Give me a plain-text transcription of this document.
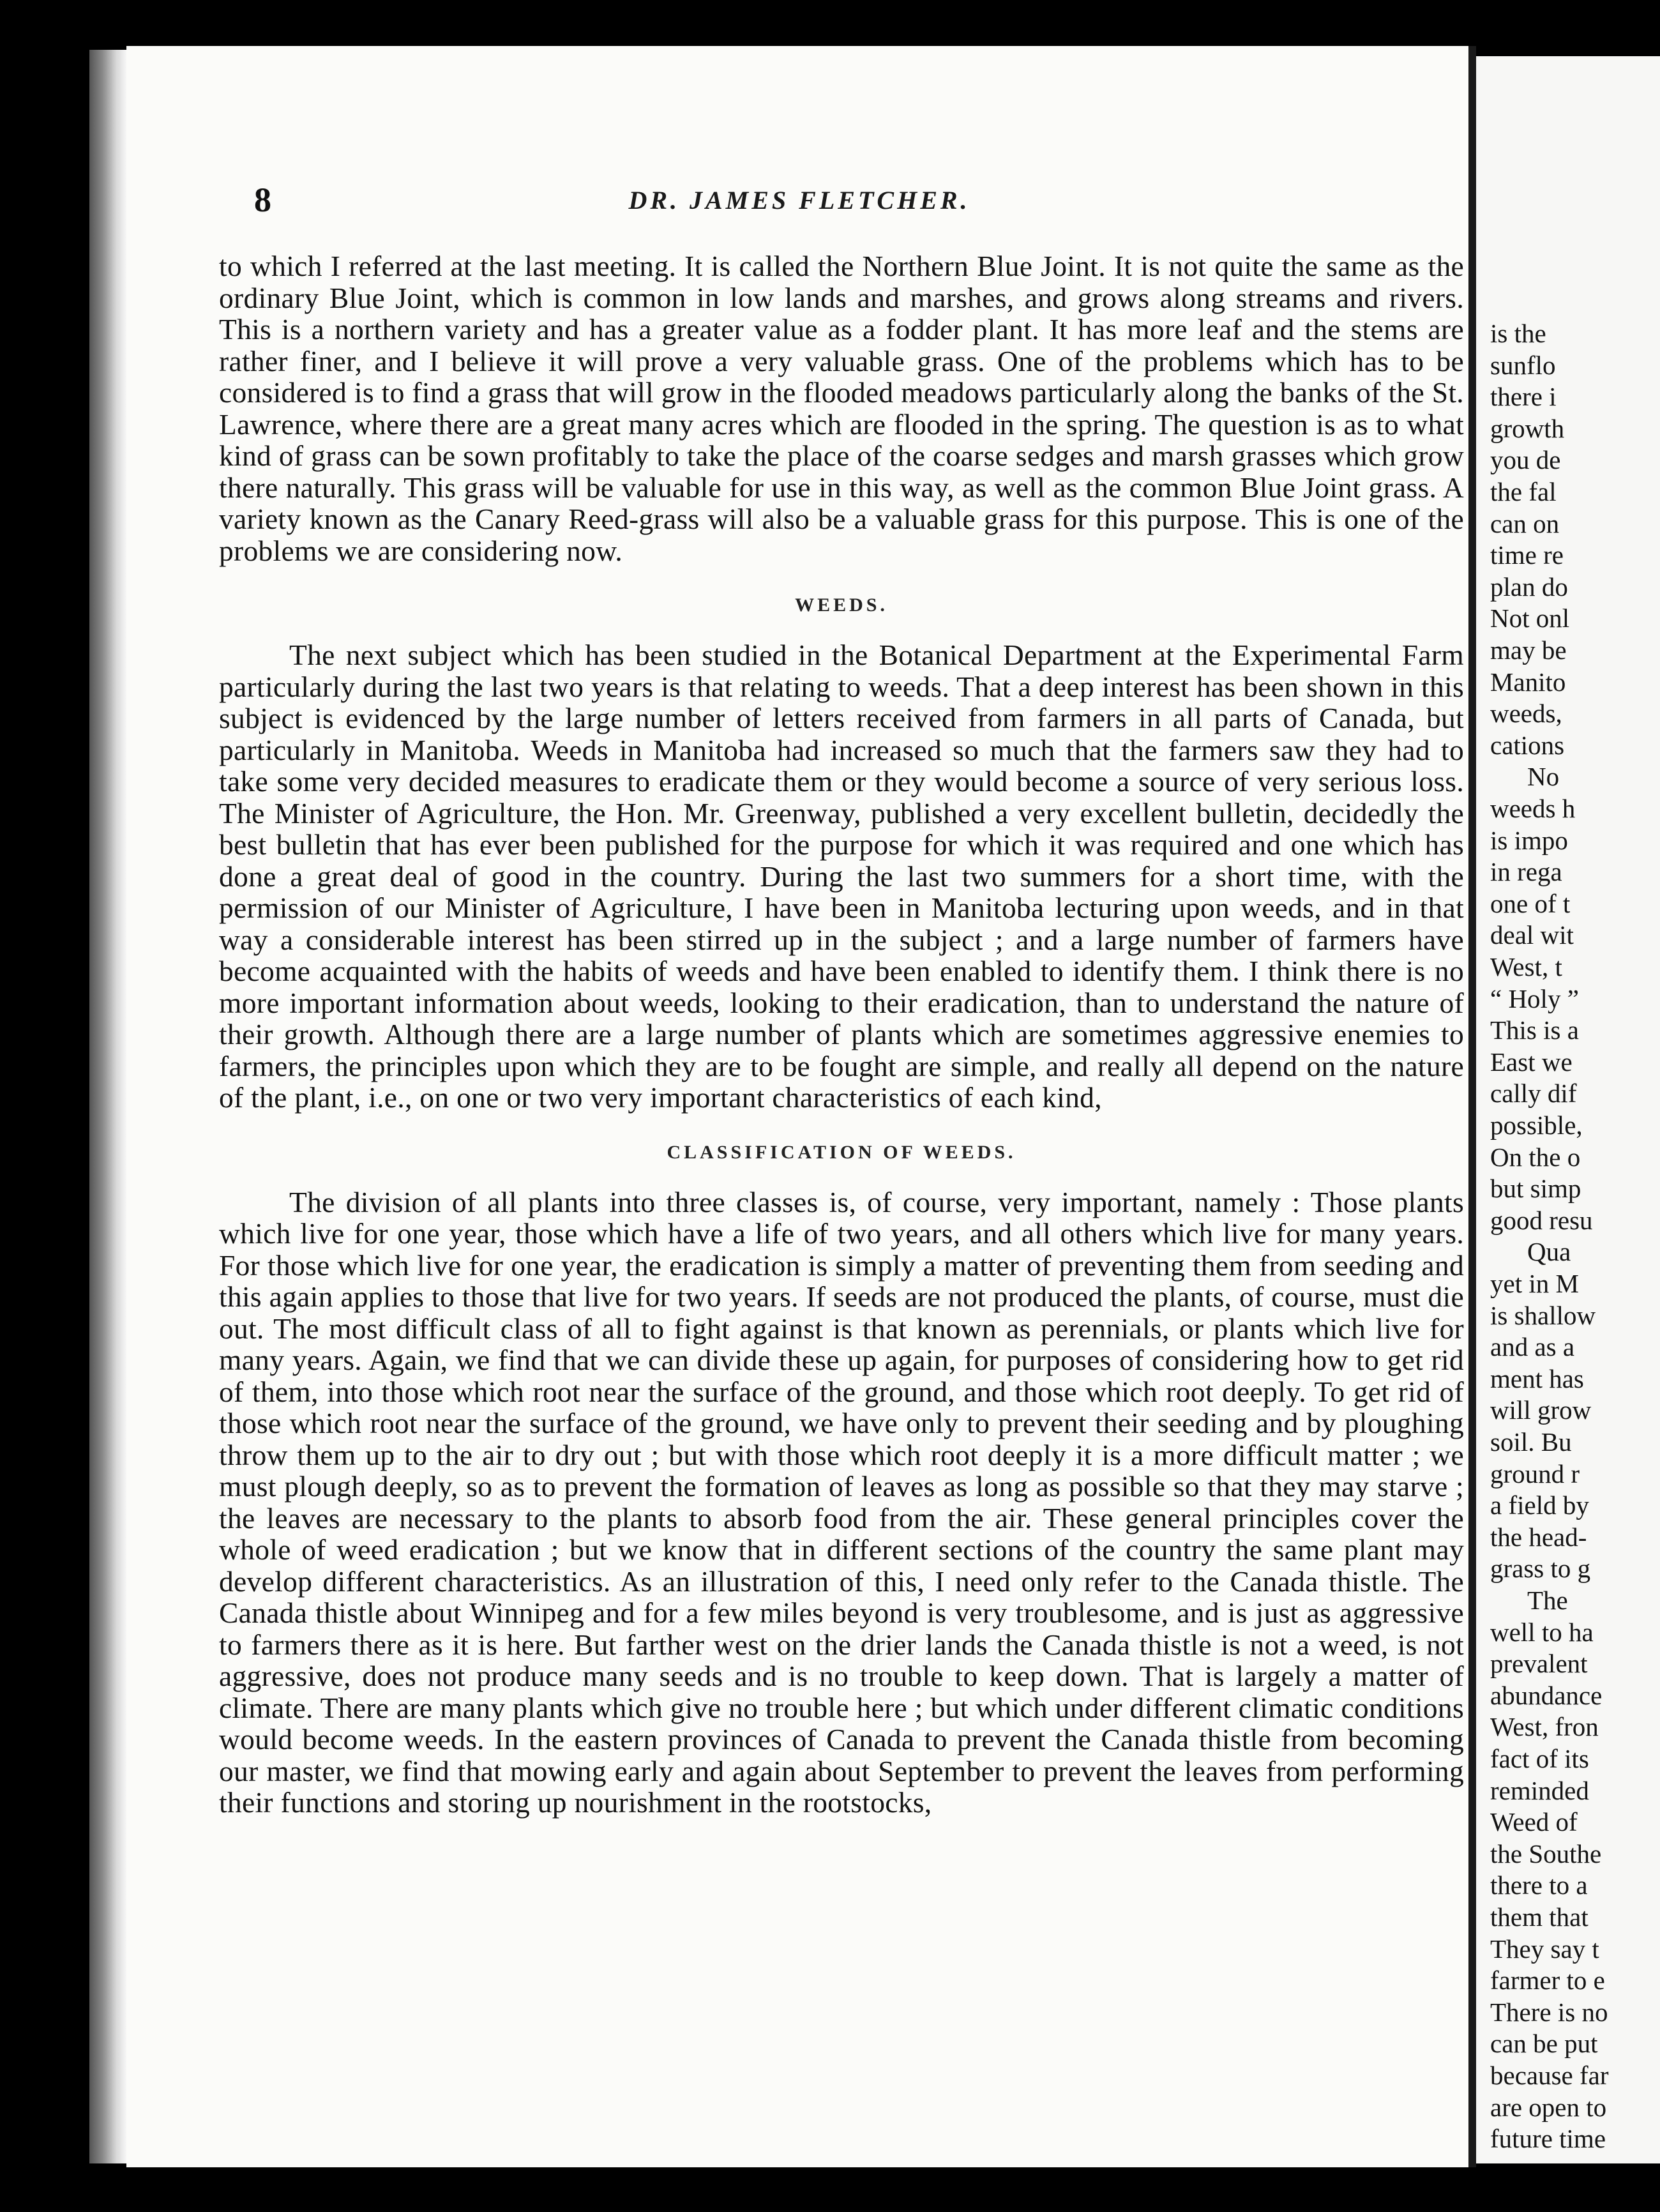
8	DR. JAMES FLETCHER.

to which I referred at the last meeting. It is called the Northern Blue Joint. It is not quite the same as the ordinary Blue Joint, which is common in low lands and marshes, and grows along streams and rivers. This is a northern variety and has a greater value as a fodder plant. It has more leaf and the stems are rather finer, and I believe it will prove a very valuable grass. One of the problems which has to be considered is to find a grass that will grow in the flooded meadows particularly along the banks of the St. Lawrence, where there are a great many acres which are flooded in the spring. The question is as to what kind of grass can be sown profitably to take the place of the coarse sedges and marsh grasses which grow there naturally. This grass will be valuable for use in this way, as well as the common Blue Joint grass. A variety known as the Canary Reed-grass will also be a valuable grass for this purpose. This is one of the problems we are considering now.

WEEDS.

The next subject which has been studied in the Botanical Department at the Experimental Farm particularly during the last two years is that relating to weeds. That a deep interest has been shown in this subject is evidenced by the large number of letters received from farmers in all parts of Canada, but particularly in Manitoba. Weeds in Manitoba had increased so much that the farmers saw they had to take some very decided measures to eradicate them or they would become a source of very serious loss. The Minister of Agriculture, the Hon. Mr. Greenway, published a very excellent bulletin, decidedly the best bulletin that has ever been published for the purpose for which it was required and one which has done a great deal of good in the country. During the last two summers for a short time, with the permission of our Minister of Agriculture, I have been in Manitoba lecturing upon weeds, and in that way a considerable interest has been stirred up in the subject ; and a large number of farmers have become acquainted with the habits of weeds and have been enabled to identify them. I think there is no more important information about weeds, looking to their eradication, than to understand the nature of their growth. Although there are a large number of plants which are sometimes aggressive enemies to farmers, the principles upon which they are to be fought are simple, and really all depend on the nature of the plant, i.e., on one or two very important characteristics of each kind,

CLASSIFICATION OF WEEDS.

The division of all plants into three classes is, of course, very important, namely : Those plants which live for one year, those which have a life of two years, and all others which live for many years. For those which live for one year, the eradication is simply a matter of preventing them from seeding and this again applies to those that live for two years. If seeds are not produced the plants, of course, must die out. The most difficult class of all to fight against is that known as perennials, or plants which live for many years. Again, we find that we can divide these up again, for purposes of considering how to get rid of them, into those which root near the surface of the ground, and those which root deeply. To get rid of those which root near the surface of the ground, we have only to prevent their seeding and by ploughing throw them up to the air to dry out ; but with those which root deeply it is a more difficult matter ; we must plough deeply, so as to prevent the formation of leaves as long as possible so that they may starve ; the leaves are necessary to the plants to absorb food from the air. These general principles cover the whole of weed eradication ; but we know that in different sections of the country the same plant may develop different characteristics. As an illustration of this, I need only refer to the Canada thistle. The Canada thistle about Winnipeg and for a few miles beyond is very troublesome, and is just as aggressive to farmers there as it is here. But farther west on the drier lands the Canada thistle is not a weed, is not aggressive, does not produce many seeds and is no trouble to keep down. That is largely a matter of climate. There are many plants which give no trouble here ; but which under different climatic conditions would become weeds. In the eastern provinces of Canada to prevent the Canada thistle from becoming our master, we find that mowing early and again about September to prevent the leaves from performing their functions and storing up nourishment in the rootstocks,

is the
sunflo
there i
growth
you de
the fal
can on
time re
plan do
Not onl
may be
Manito
weeds,
cations
No
weeds h
is impo
in rega
one of t
deal wit
West, t
“ Holy ”
This is a
East we
cally dif
possible,
On the o
but simp
good resu
Qua
yet in M
is shallow
and as a
ment has
will grow
soil. Bu
ground r
a field by
the head-
grass to g
The
well to ha
prevalent
abundance
West, fron
fact of its
reminded
Weed of
the Southe
there to a
them that
They say t
farmer to e
There is no
can be put
because far
are open to
future time
